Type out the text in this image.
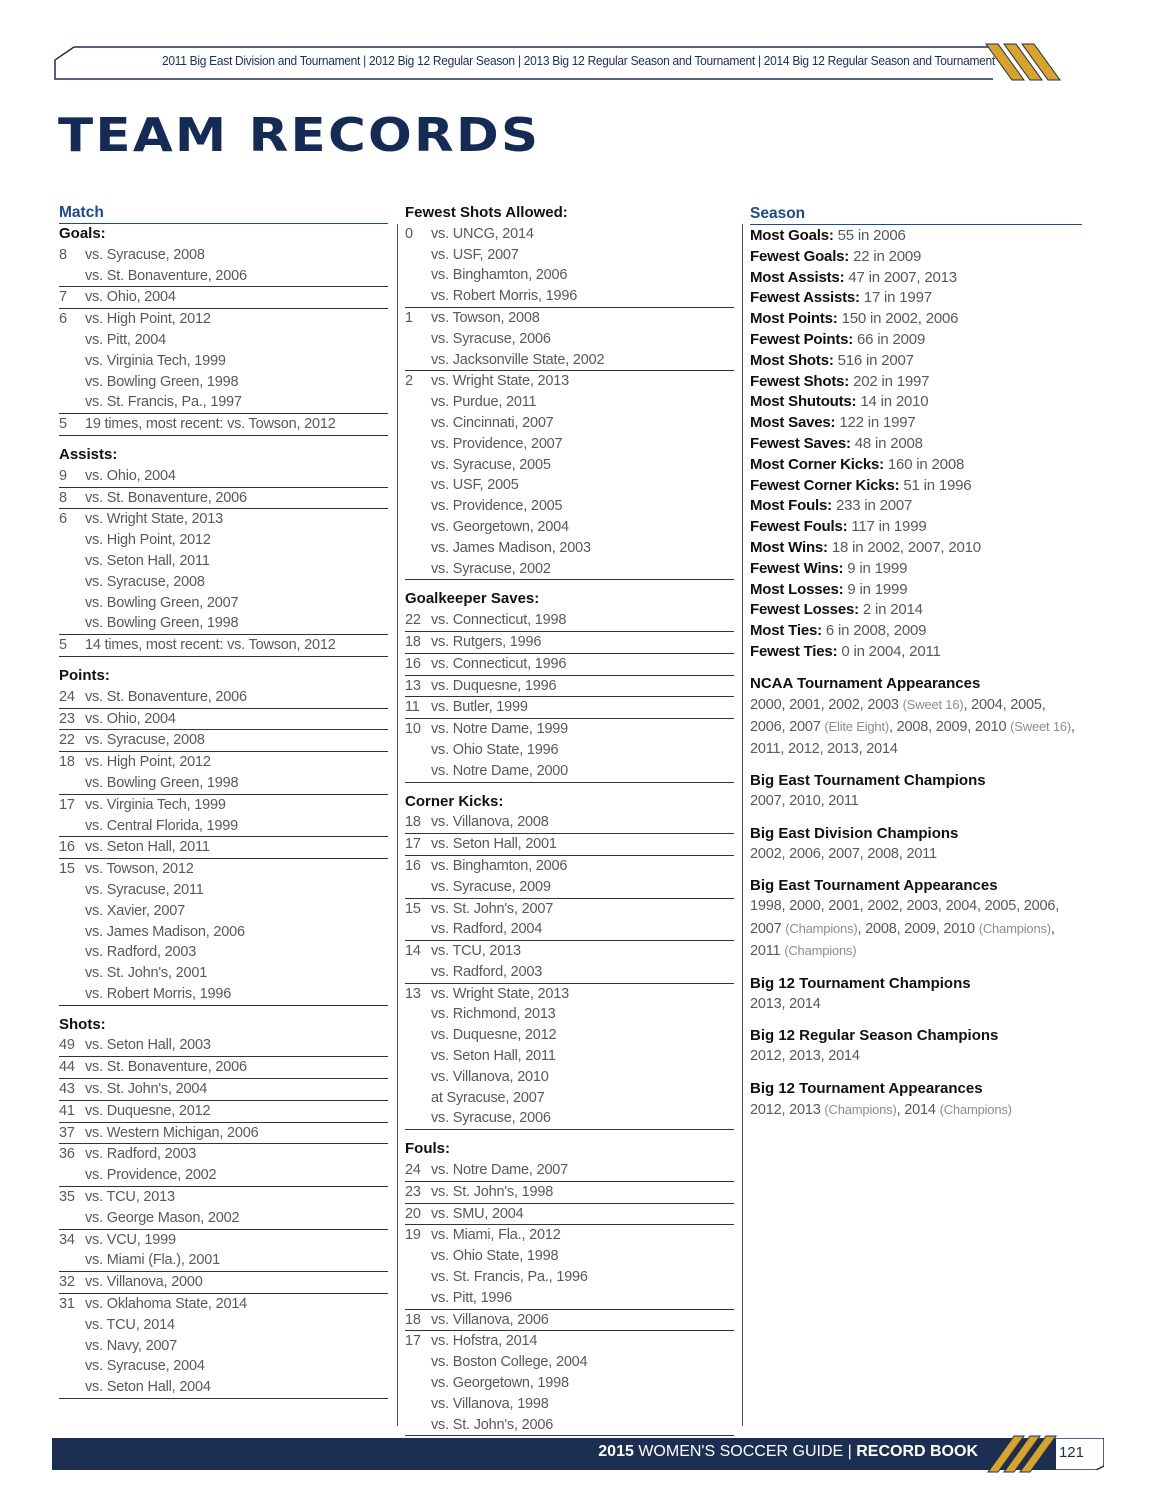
2011 Big East Division and Tournament | 2012 Big 12 Regular Season | 2013 Big 12 Regular Season and Tournament | 2014 Big 12 Regular Season and Tournament
TEAM RECORDS
Match
Goals:
8	vs. Syracuse, 2008
vs. St. Bonaventure, 2006
7	vs. Ohio, 2004
6	vs. High Point, 2012
vs. Pitt, 2004
vs. Virginia Tech, 1999
vs. Bowling Green, 1998
vs. St. Francis, Pa., 1997
5	19 times, most recent: vs. Towson, 2012
Assists:
9	vs. Ohio, 2004
8	vs. St. Bonaventure, 2006
6	vs. Wright State, 2013
vs. High Point, 2012
vs. Seton Hall, 2011
vs. Syracuse, 2008
vs. Bowling Green, 2007
vs. Bowling Green, 1998
5	14 times, most recent: vs. Towson, 2012
Points:
24 vs. St. Bonaventure, 2006
23 vs. Ohio, 2004
22 vs. Syracuse, 2008
18 vs. High Point, 2012
vs. Bowling Green, 1998
17 vs. Virginia Tech, 1999
vs. Central Florida, 1999
16 vs. Seton Hall, 2011
15 vs. Towson, 2012
vs. Syracuse, 2011
vs. Xavier, 2007
vs. James Madison, 2006
vs. Radford, 2003
vs. St. John's, 2001
vs. Robert Morris, 1996
Shots:
49 vs. Seton Hall, 2003
44 vs. St. Bonaventure, 2006
43 vs. St. John's, 2004
41 vs. Duquesne, 2012
37 vs. Western Michigan, 2006
36 vs. Radford, 2003
vs. Providence, 2002
35 vs. TCU, 2013
vs. George Mason, 2002
34 vs. VCU, 1999
vs. Miami (Fla.), 2001
32 vs. Villanova, 2000
31 vs. Oklahoma State, 2014
vs. TCU, 2014
vs. Navy, 2007
vs. Syracuse, 2004
vs. Seton Hall, 2004
Fewest Shots Allowed:
0	vs. UNCG, 2014
vs. USF, 2007
vs. Binghamton, 2006
vs. Robert Morris, 1996
1	vs. Towson, 2008
vs. Syracuse, 2006
vs. Jacksonville State, 2002
2	vs. Wright State, 2013
vs. Purdue, 2011
vs. Cincinnati, 2007
vs. Providence, 2007
vs. Syracuse, 2005
vs. USF, 2005
vs. Providence, 2005
vs. Georgetown, 2004
vs. James Madison, 2003
vs. Syracuse, 2002
Goalkeeper Saves:
22 vs. Connecticut, 1998
18 vs. Rutgers, 1996
16 vs. Connecticut, 1996
13 vs. Duquesne, 1996
11 vs. Butler, 1999
10 vs. Notre Dame, 1999
vs. Ohio State, 1996
vs. Notre Dame, 2000
Corner Kicks:
18 vs. Villanova, 2008
17 vs. Seton Hall, 2001
16 vs. Binghamton, 2006
vs. Syracuse, 2009
15 vs. St. John's, 2007
vs. Radford, 2004
14 vs. TCU, 2013
vs. Radford, 2003
13 vs. Wright State, 2013
vs. Richmond, 2013
vs. Duquesne, 2012
vs. Seton Hall, 2011
vs. Villanova, 2010
at Syracuse, 2007
vs. Syracuse, 2006
Fouls:
24 vs. Notre Dame, 2007
23 vs. St. John's, 1998
20 vs. SMU, 2004
19 vs. Miami, Fla., 2012
vs. Ohio State, 1998
vs. St. Francis, Pa., 1996
vs. Pitt, 1996
18 vs. Villanova, 2006
17 vs. Hofstra, 2014
vs. Boston College, 2004
vs. Georgetown, 1998
vs. Villanova, 1998
vs. St. John's, 2006
Season
Most Goals: 55 in 2006
Fewest Goals: 22 in 2009
Most Assists: 47 in 2007, 2013
Fewest Assists: 17 in 1997
Most Points: 150 in 2002, 2006
Fewest Points: 66 in 2009
Most Shots: 516 in 2007
Fewest Shots: 202 in 1997
Most Shutouts: 14 in 2010
Most Saves: 122 in 1997
Fewest Saves: 48 in 2008
Most Corner Kicks: 160 in 2008
Fewest Corner Kicks: 51 in 1996
Most Fouls: 233 in 2007
Fewest Fouls: 117 in 1999
Most Wins: 18 in 2002, 2007, 2010
Fewest Wins: 9 in 1999
Most Losses: 9 in 1999
Fewest Losses: 2 in 2014
Most Ties: 6 in 2008, 2009
Fewest Ties: 0 in 2004, 2011
NCAA Tournament Appearances
2000, 2001, 2002, 2003 (Sweet 16), 2004, 2005, 2006, 2007 (Elite Eight), 2008, 2009, 2010 (Sweet 16), 2011, 2012, 2013, 2014
Big East Tournament Champions
2007, 2010, 2011
Big East Division Champions
2002, 2006, 2007, 2008, 2011
Big East Tournament Appearances
1998, 2000, 2001, 2002, 2003, 2004, 2005, 2006, 2007 (Champions), 2008, 2009, 2010 (Champions), 2011 (Champions)
Big 12 Tournament Champions
2013, 2014
Big 12 Regular Season Champions
2012, 2013, 2014
Big 12 Tournament Appearances
2012, 2013 (Champions), 2014 (Champions)
2015 WOMEN'S SOCCER GUIDE | RECORD BOOK	121
